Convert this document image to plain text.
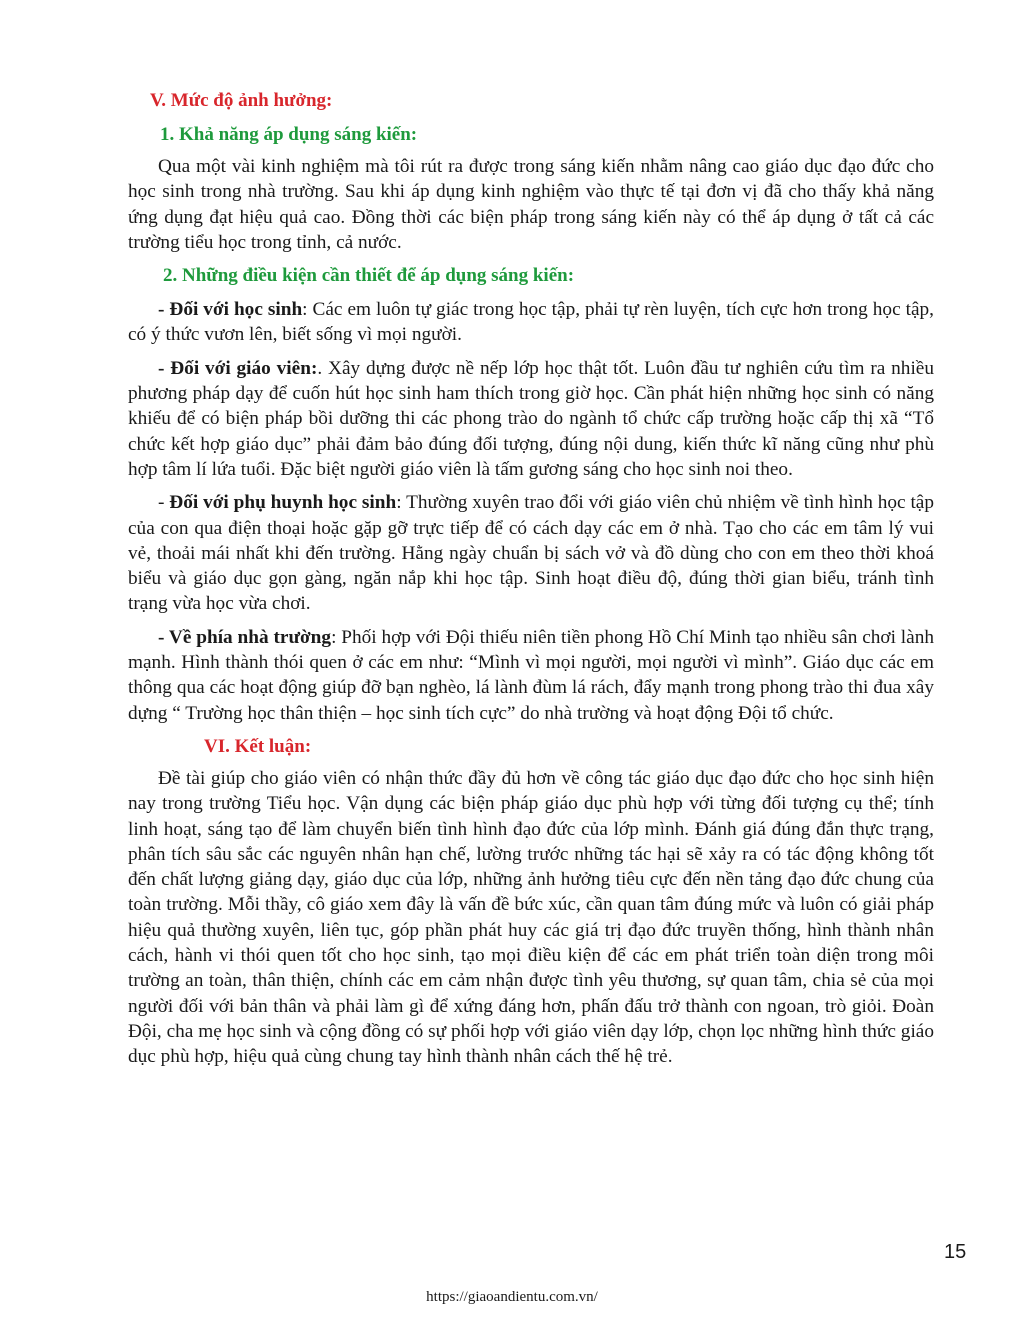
V. Mức độ ảnh hưởng:
1. Khả năng áp dụng sáng kiến:

Qua một vài kinh nghiệm mà tôi rút ra được trong sáng kiến nhằm nâng cao giáo dục đạo đức cho học sinh trong nhà trường. Sau khi áp dụng kinh nghiệm vào thực tế tại đơn vị đã cho thấy khả năng ứng dụng đạt hiệu quả cao. Đồng thời các biện pháp trong sáng kiến này có thể áp dụng ở tất cả các trường tiểu học trong tỉnh, cả nước.

2. Những điều kiện cần thiết để áp dụng sáng kiến:

- Đối với học sinh: Các em luôn tự giác trong học tập, phải tự rèn luyện, tích cực hơn trong học tập, có ý thức vươn lên, biết sống vì mọi người.

- Đối với giáo viên:. Xây dựng được nề nếp lớp học thật tốt. Luôn đầu tư nghiên cứu tìm ra nhiều phương pháp dạy để cuốn hút học sinh ham thích trong giờ học. Cần phát hiện những học sinh có năng khiếu để có biện pháp bồi dưỡng thi các phong trào do ngành tổ chức cấp trường hoặc cấp thị xã “Tổ chức kết hợp giáo dục” phải đảm bảo đúng đối tượng, đúng nội dung, kiến thức kĩ năng cũng như phù hợp tâm lí lứa tuổi. Đặc biệt người giáo viên là tấm gương sáng cho học sinh noi theo.

- Đối với phụ huynh học sinh: Thường xuyên trao đổi với giáo viên chủ nhiệm về tình hình học tập của con qua điện thoại hoặc gặp gỡ trực tiếp để có cách dạy các em ở nhà. Tạo cho các em tâm lý vui vẻ, thoải mái nhất khi đến trường. Hằng ngày chuẩn bị sách vở và đồ dùng cho con em theo thời khoá biểu và giáo dục gọn gàng, ngăn nắp khi học tập. Sinh hoạt điều độ, đúng thời gian biểu, tránh tình trạng vừa học vừa chơi.

- Về phía nhà trường: Phối hợp với Đội thiếu niên tiền phong Hồ Chí Minh tạo nhiều sân chơi lành mạnh. Hình thành thói quen ở các em như: “Mình vì mọi người, mọi người vì mình”. Giáo dục các em thông qua các hoạt động giúp đỡ bạn nghèo, lá lành đùm lá rách, đẩy mạnh trong phong trào thi đua xây dựng “ Trường học thân thiện – học sinh tích cực” do nhà trường và hoạt động Đội tổ chức.

VI. Kết luận:

Đề tài giúp cho giáo viên có nhận thức đầy đủ hơn về công tác giáo dục đạo đức cho học sinh hiện nay trong trường Tiểu học. Vận dụng các biện pháp giáo dục phù hợp với từng đối tượng cụ thể; tính linh hoạt, sáng tạo để làm chuyển biến tình hình đạo đức của lớp mình. Đánh giá đúng đắn thực trạng, phân tích sâu sắc các nguyên nhân hạn chế, lường trước những tác hại sẽ xảy ra có tác động không tốt đến chất lượng giảng dạy, giáo dục của lớp, những ảnh hưởng tiêu cực đến nền tảng đạo đức chung của toàn trường. Mỗi thầy, cô giáo xem đây là vấn đề bức xúc, cần quan tâm đúng mức và luôn có giải pháp hiệu quả thường xuyên, liên tục, góp phần phát huy các giá trị đạo đức truyền thống, hình thành nhân cách, hành vi thói quen tốt cho học sinh, tạo mọi điều kiện để các em phát triển toàn diện trong môi trường an toàn, thân thiện, chính các em cảm nhận được tình yêu thương, sự quan tâm, chia sẻ của mọi người đối với bản thân và phải làm gì để xứng đáng hơn, phấn đấu trở thành con ngoan, trò giỏi. Đoàn Đội, cha mẹ học sinh và cộng đồng có sự phối hợp với giáo viên dạy lớp, chọn lọc những hình thức giáo dục phù hợp, hiệu quả cùng chung tay hình thành nhân cách thế hệ trẻ.

15
https://giaoandientu.com.vn/
